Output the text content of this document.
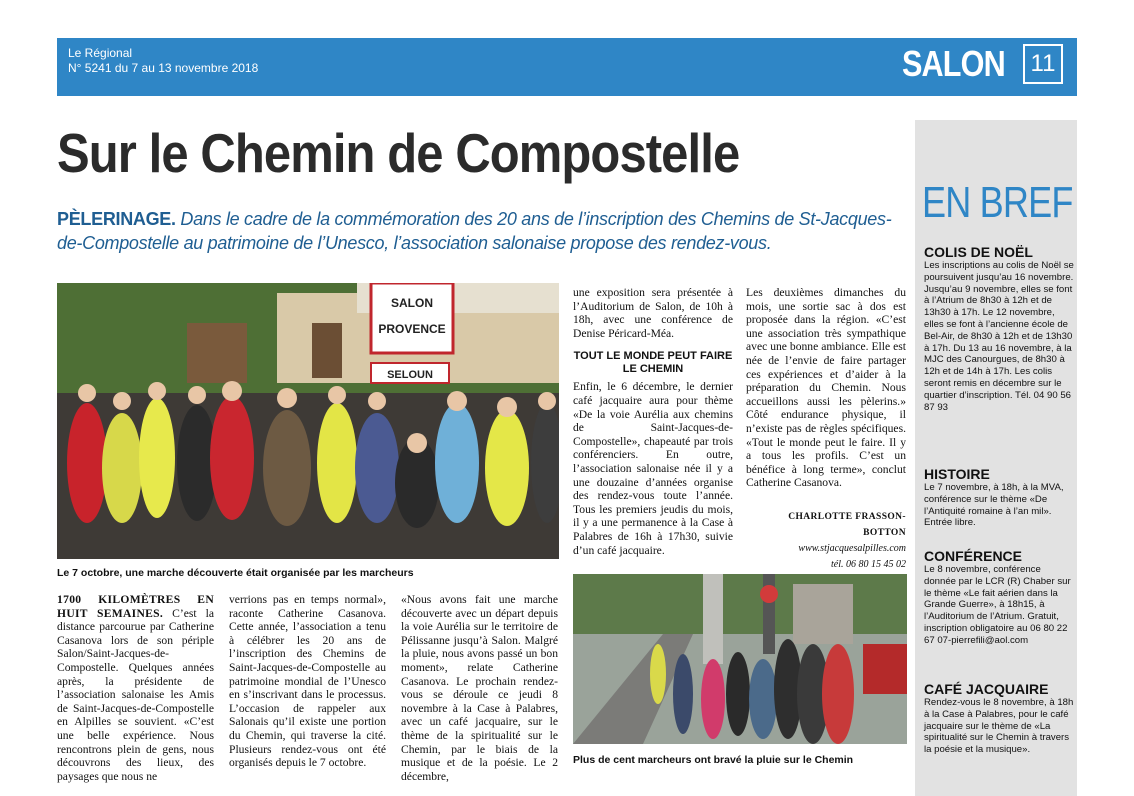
Le Régional
N° 5241 du 7 au 13 novembre 2018	SALON	11
Sur le Chemin de Compostelle
PÈLERINAGE. Dans le cadre de la commémoration des 20 ans de l’inscription des Chemins de St-Jacques-de-Compostelle au patrimoine de l’Unesco, l’association salonaise propose des rendez-vous.
SALON
PROVENCE
SELOUN
Le 7 octobre, une marche découverte était organisée par les marcheurs
1700 KILOMÈTRES EN HUIT SEMAINES. C’est la distance parcourue par Catherine Casanova lors de son périple Salon/Saint-Jacques-de-Compostelle. Quelques années après, la présidente de l’association salonaise les Amis de Saint-Jacques-de-Compostelle en Alpilles se souvient. «C’est une belle expérience. Nous rencontrons plein de gens, nous découvrons des lieux, des paysages que nous ne
verrions pas en temps normal», raconte Catherine Casanova. Cette année, l’association a tenu à célébrer les 20 ans de l’inscription des Chemins de Saint-Jacques-de-Compostelle au patrimoine mondial de l’Unesco en s’inscrivant dans le processus. L’occasion de rappeler aux Salonais qu’il existe une portion du Chemin, qui traverse la cité. Plusieurs rendez-vous ont été organisés depuis le 7 octobre.
«Nous avons fait une marche découverte avec un départ depuis la voie Aurélia sur le territoire de Pélissanne jusqu’à Salon. Malgré la pluie, nous avons passé un bon moment», relate Catherine Casanova. Le prochain rendez-vous se déroule ce jeudi 8 novembre à la Case à Palabres, avec un café jacquaire, sur le thème de la spiritualité sur le Chemin, par le biais de la musique et de la poésie. Le 2 décembre,
une exposition sera présentée à l’Auditorium de Salon, de 10h à 18h, avec une conférence de Denise Péricard-Méa.
TOUT LE MONDE PEUT FAIRE LE CHEMIN
Enfin, le 6 décembre, le dernier café jacquaire aura pour thème «De la voie Aurélia aux chemins de Saint-Jacques-de-Compostelle», chapeauté par trois conférenciers. En outre, l’association salonaise née il y a une douzaine d’années organise des rendez-vous toute l’année. Tous les premiers jeudis du mois, il y a une permanence à la Case à Palabres de 16h à 17h30, suivie d’un café jacquaire.
Les deuxièmes dimanches du mois, une sortie sac à dos est proposée dans la région. «C’est une association très sympathique avec une bonne ambiance. Elle est née de l’envie de faire partager ces expériences et d’aider à la préparation du Chemin. Nous accueillons aussi les pèlerins.» Côté endurance physique, il n’existe pas de règles spécifiques. «Tout le monde peut le faire. Il y a tous les profils. C’est un bénéfice à long terme», conclut Catherine Casanova.
CHARLOTTE FRASSON-BOTTON
www.stjacquesalpilles.com
tél. 06 80 15 45 02
Plus de cent marcheurs ont bravé la pluie sur le Chemin
EN BREF
COLIS DE NOËL

Les inscriptions au colis de Noël se poursuivent jusqu’au 16 novembre. Jusqu’au 9 novembre, elles se font à l’Atrium de 8h30 à 12h et de 13h30 à 17h. Le 12 novembre, elles se font à l’ancienne école de Bel-Air, de 8h30 à 12h et de 13h30 à 17h. Du 13 au 16 novembre, à la MJC des Canourgues, de 8h30 à 12h et de 14h à 17h. Les colis seront remis en décembre sur le quartier d’inscription. Tél. 04 90 56 87 93

HISTOIRE

Le 7 novembre, à 18h, à la MVA, conférence sur le thème «De l’Antiquité romaine à l’an mil». Entrée libre.

CONFÉRENCE

Le 8 novembre, conférence donnée par le LCR (R) Chaber sur le thème «Le fait aérien dans la Grande Guerre», à 18h15, à l’Auditorium de l’Atrium. Gratuit, inscription obligatoire au 06 80 22 67 07-pierrefili@aol.com

CAFÉ JACQUAIRE

Rendez-vous le 8 novembre, à 18h à la Case à Palabres, pour le café jacquaire sur le thème de «La spiritualité sur le Chemin à travers la poésie et la musique».
